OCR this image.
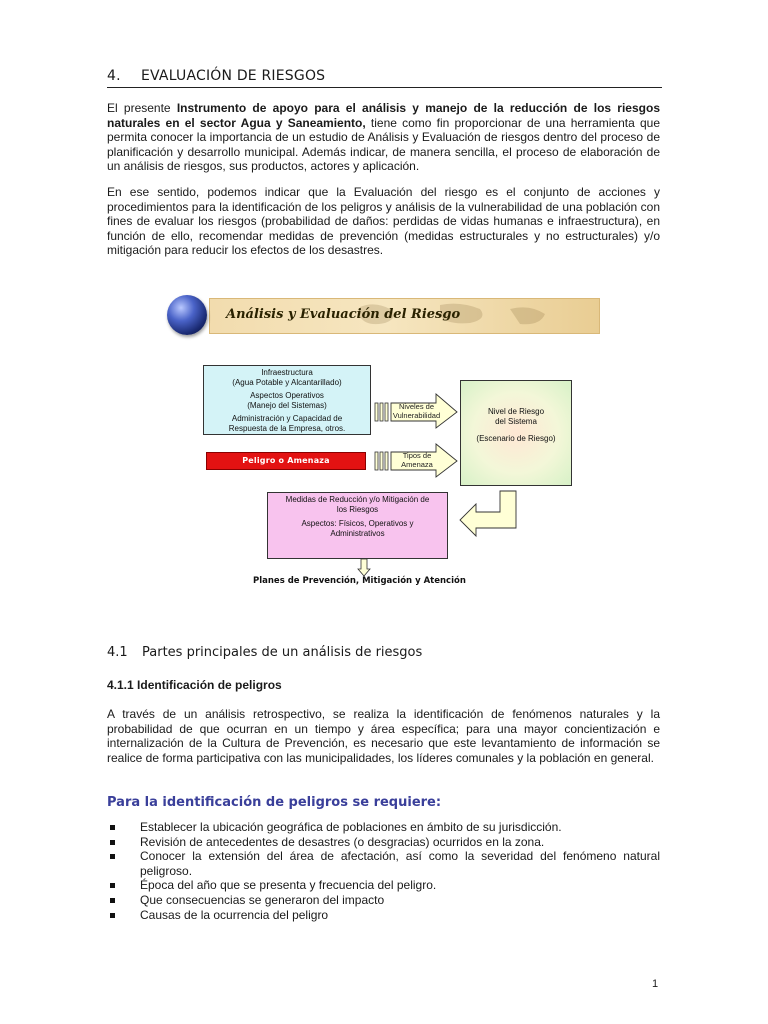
4. EVALUACIÓN DE RIESGOS

El presente Instrumento de apoyo para el análisis y manejo de la reducción de los riesgos naturales en el sector Agua y Saneamiento, tiene como fin proporcionar de una herramienta que permita conocer la importancia de un estudio de Análisis y Evaluación de riesgos dentro del proceso de planificación y desarrollo municipal. Además indicar, de manera sencilla, el proceso de elaboración de un análisis de riesgos, sus productos, actores y aplicación.

En ese sentido, podemos indicar que la Evaluación del riesgo es el conjunto de acciones y procedimientos para la identificación de los peligros y análisis de la vulnerabilidad de una población con fines de evaluar los riesgos (probabilidad de daños: perdidas de vidas humanas e infraestructura), en función de ello, recomendar medidas de prevención (medidas estructurales y no estructurales) y/o mitigación para reducir los efectos de los desastres.

Análisis y Evaluación del Riesgo

Infraestructura

(Agua Potable y Alcantarillado)

Aspectos Operativos

(Manejo del Sistemas)

Administración y Capacidad de

Respuesta de la Empresa, otros.

Niveles de
Vulnerabilidad
Peligro o Amenaza
Tipos de
Amenaza

Nivel de Riesgo

del Sistema

(Escenario de Riesgo)

Medidas de Reducción y/o Mitigación de

los Riesgos

Aspectos: Físicos, Operativos y

Administrativos

Planes de Prevención, Mitigación y Atención
4.1 Partes principales de un análisis de riesgos
4.1.1 Identificación de peligros

A través de un análisis retrospectivo, se realiza la identificación de fenómenos naturales y la probabilidad de que ocurran en un tiempo y área específica; para una mayor concientización e internalización de la Cultura de Prevención, es necesario que este levantamiento de información se realice de forma participativa con las municipalidades, los líderes comunales y la población en general.

Para la identificación de peligros se requiere:
Establecer la ubicación geográfica de poblaciones en ámbito de su jurisdicción.
Revisión de antecedentes de desastres (o desgracias) ocurridos en la zona.
Conocer la extensión del área de afectación, así como la severidad del fenómeno natural peligroso.
Época del año que se presenta y frecuencia del peligro.
Que consecuencias se generaron del impacto
Causas de la ocurrencia del peligro
1
